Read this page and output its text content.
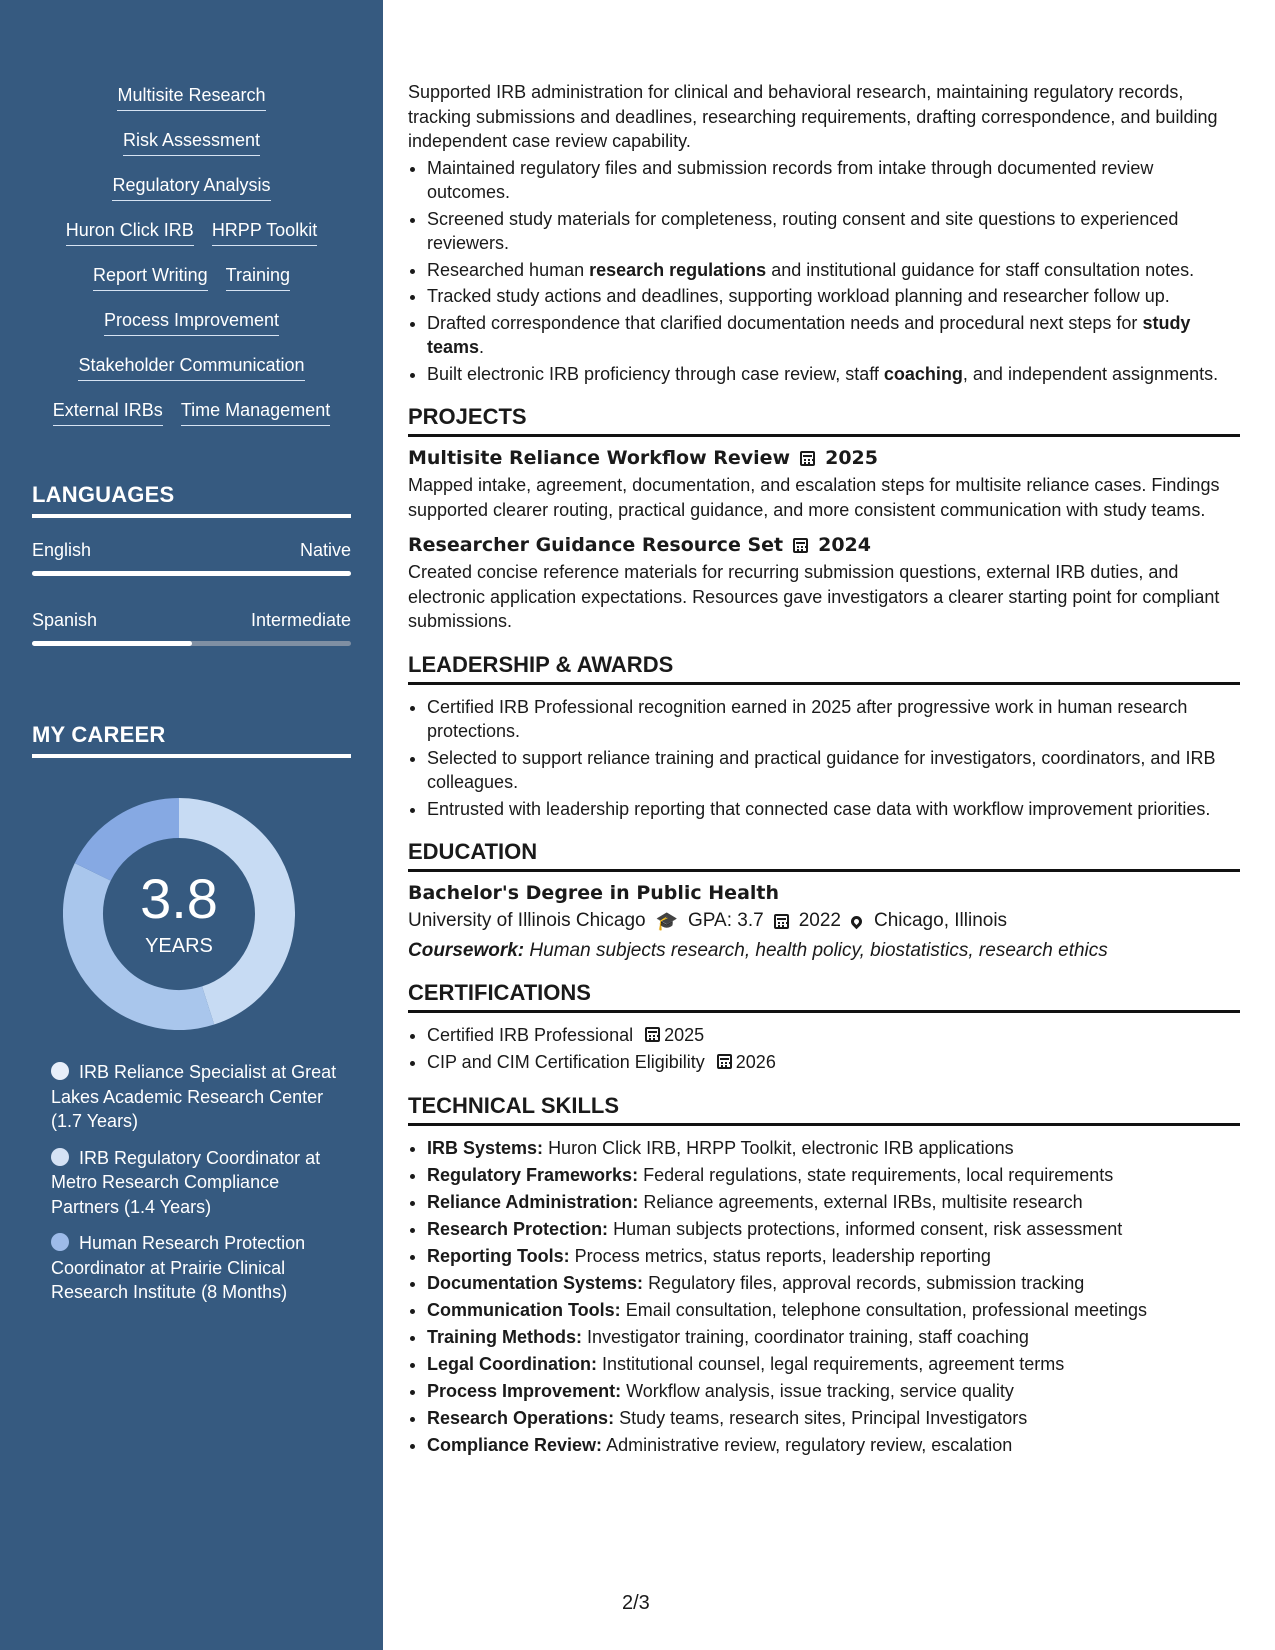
Multisite Research
Risk Assessment
Regulatory Analysis
Huron Click IRB HRPP Toolkit
Report Writing Training
Process Improvement
Stakeholder Communication
External IRBs Time Management
LANGUAGES
English	Native
Spanish	Intermediate
MY CAREER
3.8
YEARS
IRB Reliance Specialist at Great Lakes Academic Research Center (1.7 Years)
IRB Regulatory Coordinator at Metro Research Compliance Partners (1.4 Years)
Human Research Protection Coordinator at Prairie Clinical Research Institute (8 Months)

Supported IRB administration for clinical and behavioral research, maintaining regulatory records, tracking submissions and deadlines, researching requirements, drafting correspondence, and building independent case review capability.

• Maintained regulatory files and submission records from intake through documented review outcomes.
• Screened study materials for completeness, routing consent and site questions to experienced reviewers.
• Researched human research regulations and institutional guidance for staff consultation notes.
• Tracked study actions and deadlines, supporting workload planning and researcher follow up.
• Drafted correspondence that clarified documentation needs and procedural next steps for study teams.
• Built electronic IRB proficiency through case review, staff coaching, and independent assignments.
PROJECTS
Multisite Reliance Workflow Review 2025

Mapped intake, agreement, documentation, and escalation steps for multisite reliance cases. Findings supported clearer routing, practical guidance, and more consistent communication with study teams.

Researcher Guidance Resource Set 2024

Created concise reference materials for recurring submission questions, external IRB duties, and electronic application expectations. Resources gave investigators a clearer starting point for compliant submissions.

LEADERSHIP & AWARDS
• Certified IRB Professional recognition earned in 2025 after progressive work in human research protections.
• Selected to support reliance training and practical guidance for investigators, coordinators, and IRB colleagues.
• Entrusted with leadership reporting that connected case data with workflow improvement priorities.
EDUCATION
Bachelor's Degree in Public Health
University of Illinois Chicago 🎓 GPA: 3.7 2022 Chicago, Illinois
Coursework: Human subjects research, health policy, biostatistics, research ethics
CERTIFICATIONS
• Certified IRB Professional 2025
• CIP and CIM Certification Eligibility 2026
TECHNICAL SKILLS
• IRB Systems: Huron Click IRB, HRPP Toolkit, electronic IRB applications
• Regulatory Frameworks: Federal regulations, state requirements, local requirements
• Reliance Administration: Reliance agreements, external IRBs, multisite research
• Research Protection: Human subjects protections, informed consent, risk assessment
• Reporting Tools: Process metrics, status reports, leadership reporting
• Documentation Systems: Regulatory files, approval records, submission tracking
• Communication Tools: Email consultation, telephone consultation, professional meetings
• Training Methods: Investigator training, coordinator training, staff coaching
• Legal Coordination: Institutional counsel, legal requirements, agreement terms
• Process Improvement: Workflow analysis, issue tracking, service quality
• Research Operations: Study teams, research sites, Principal Investigators
• Compliance Review: Administrative review, regulatory review, escalation
2/3
